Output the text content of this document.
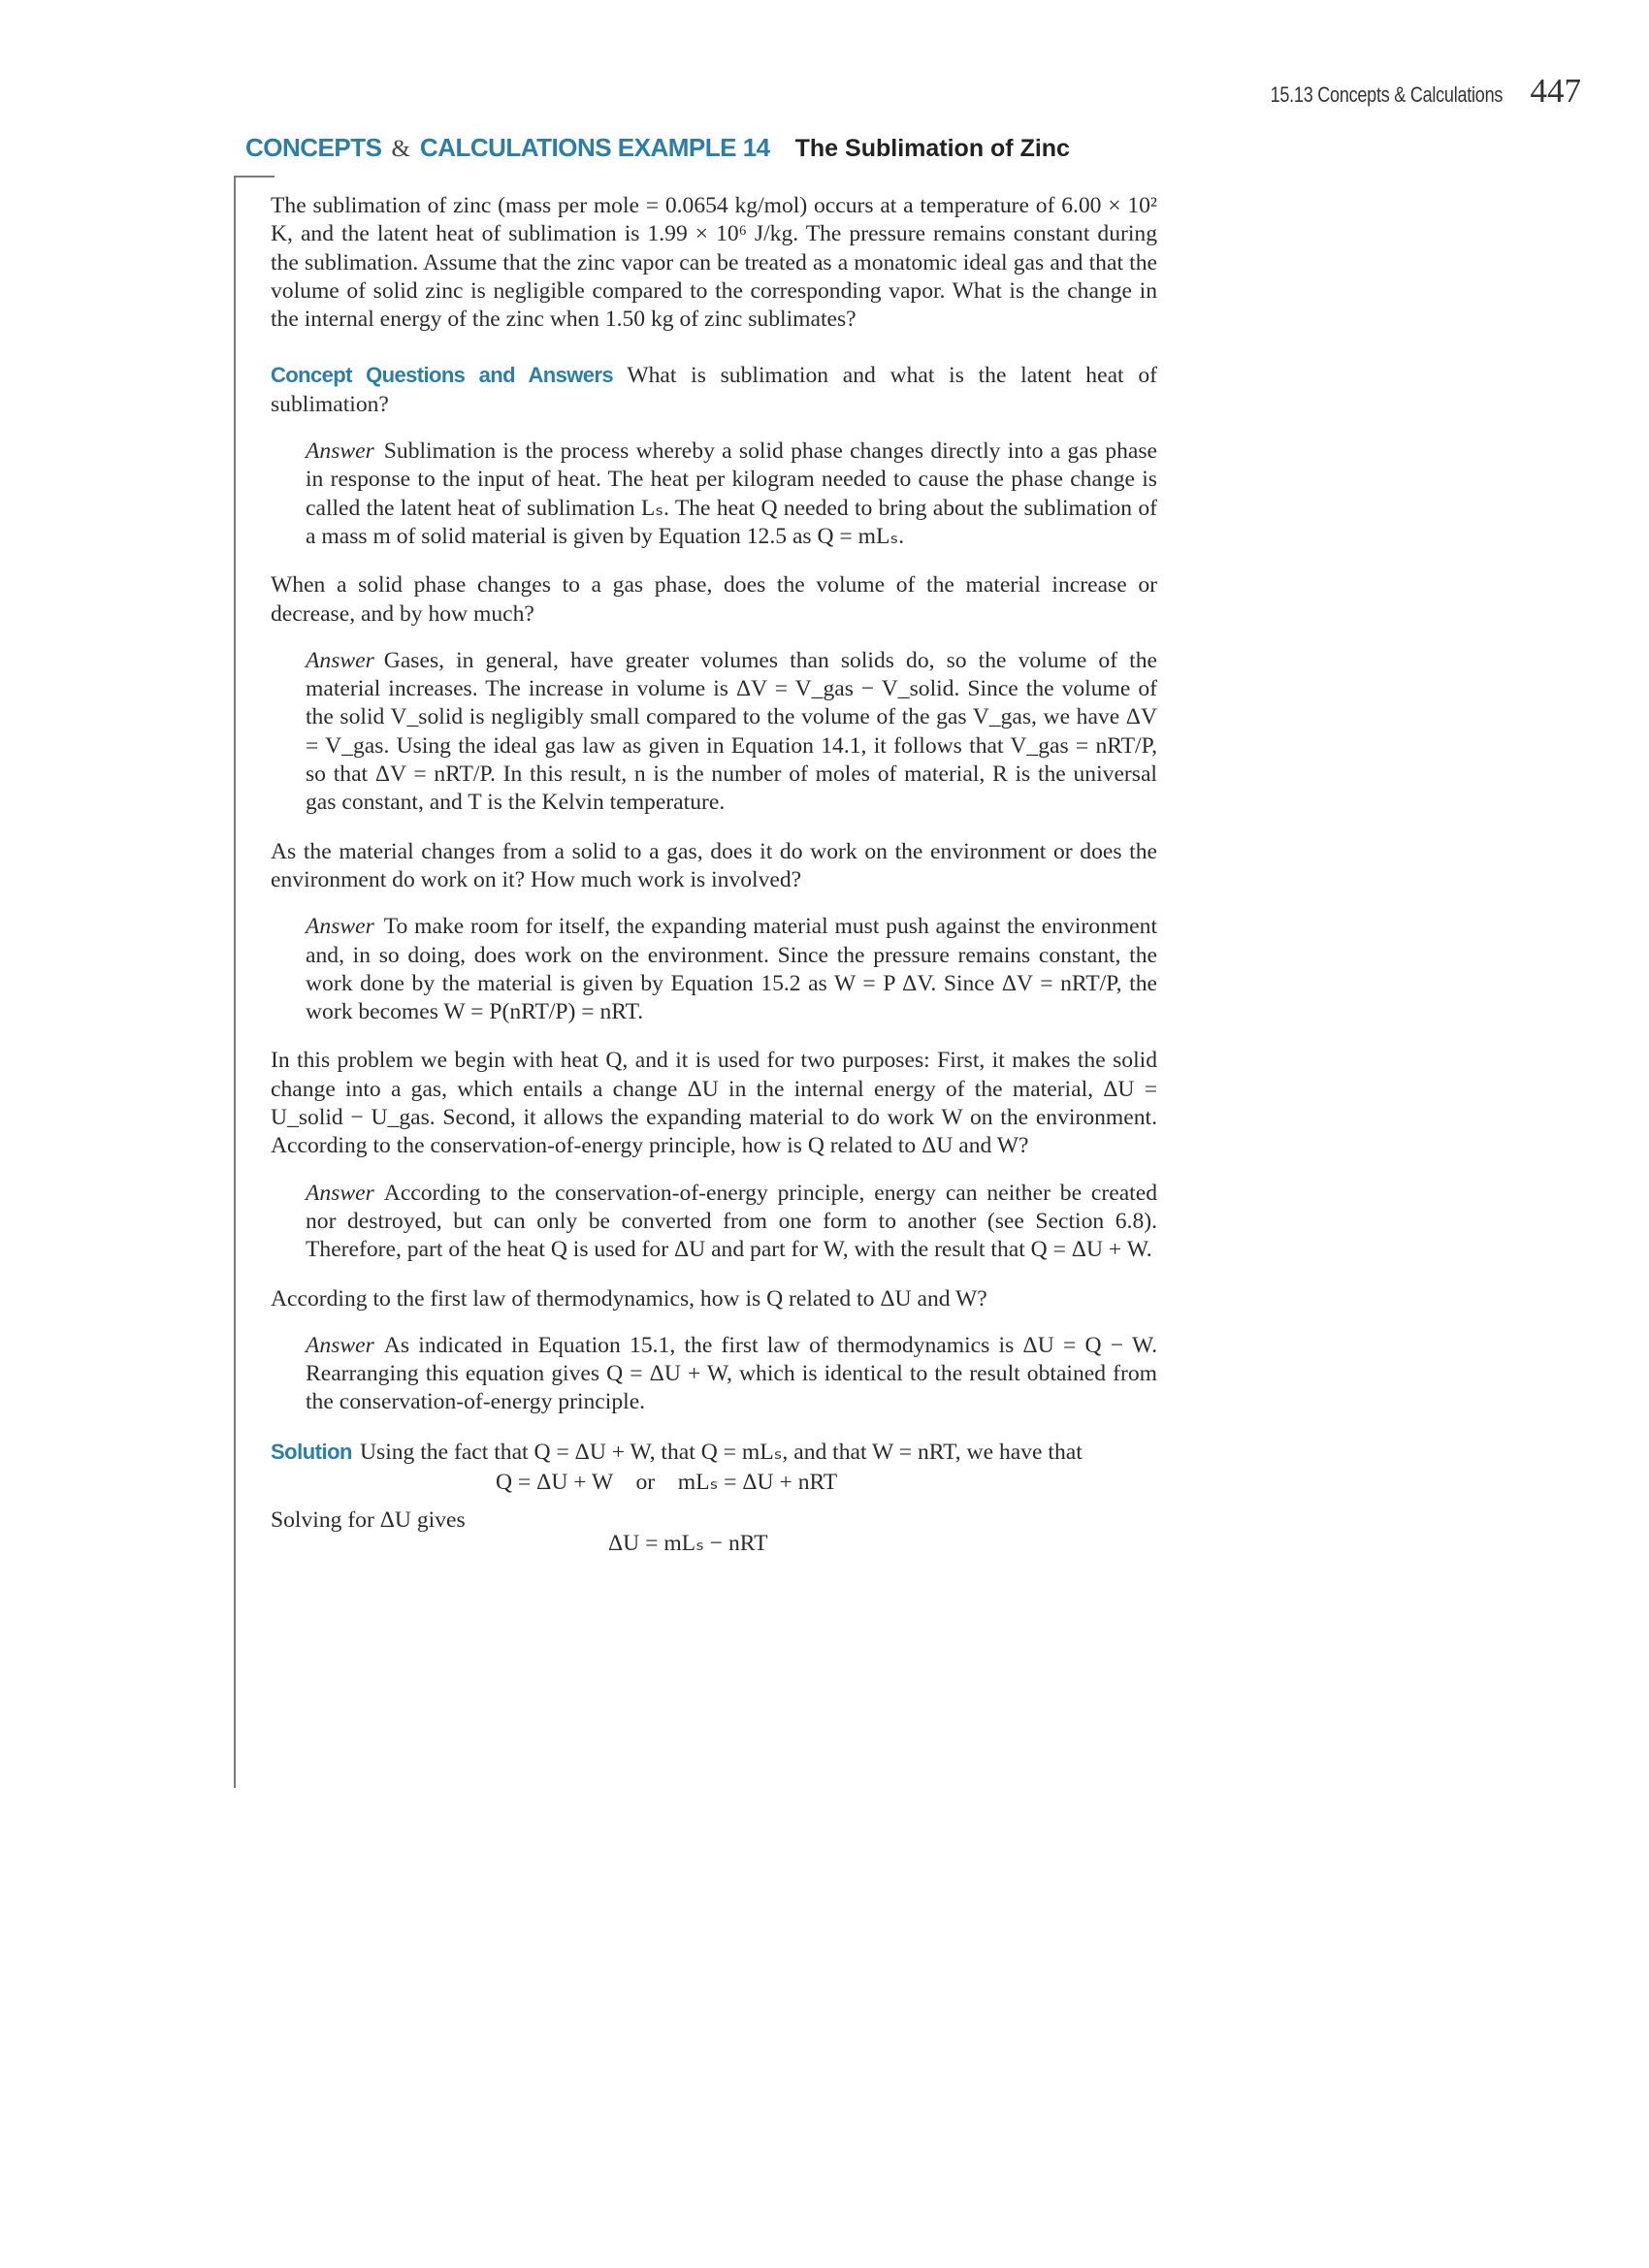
15.13 Concepts & Calculations 447
CONCEPTS & CALCULATIONS EXAMPLE 14 The Sublimation of Zinc

The sublimation of zinc (mass per mole = 0.0654 kg/mol) occurs at a temperature of 6.00 × 10² K, and the latent heat of sublimation is 1.99 × 10⁶ J/kg. The pressure remains constant during the sublimation. Assume that the zinc vapor can be treated as a monatomic ideal gas and that the volume of solid zinc is negligible compared to the corresponding vapor. What is the change in the internal energy of the zinc when 1.50 kg of zinc sublimates?

Concept Questions and Answers What is sublimation and what is the latent heat of sublimation?

Answer Sublimation is the process whereby a solid phase changes directly into a gas phase in response to the input of heat. The heat per kilogram needed to cause the phase change is called the latent heat of sublimation Lₛ. The heat Q needed to bring about the sublimation of a mass m of solid material is given by Equation 12.5 as Q = mLₛ.

When a solid phase changes to a gas phase, does the volume of the material increase or decrease, and by how much?

Answer Gases, in general, have greater volumes than solids do, so the volume of the material increases. The increase in volume is ΔV = V_gas − V_solid. Since the volume of the solid V_solid is negligibly small compared to the volume of the gas V_gas, we have ΔV = V_gas. Using the ideal gas law as given in Equation 14.1, it follows that V_gas = nRT/P, so that ΔV = nRT/P. In this result, n is the number of moles of material, R is the universal gas constant, and T is the Kelvin temperature.

As the material changes from a solid to a gas, does it do work on the environment or does the environment do work on it? How much work is involved?

Answer To make room for itself, the expanding material must push against the environment and, in so doing, does work on the environment. Since the pressure remains constant, the work done by the material is given by Equation 15.2 as W = P ΔV. Since ΔV = nRT/P, the work becomes W = P(nRT/P) = nRT.

In this problem we begin with heat Q, and it is used for two purposes: First, it makes the solid change into a gas, which entails a change ΔU in the internal energy of the material, ΔU = U_solid − U_gas. Second, it allows the expanding material to do work W on the environment. According to the conservation-of-energy principle, how is Q related to ΔU and W?

Answer According to the conservation-of-energy principle, energy can neither be created nor destroyed, but can only be converted from one form to another (see Section 6.8). Therefore, part of the heat Q is used for ΔU and part for W, with the result that Q = ΔU + W.

According to the first law of thermodynamics, how is Q related to ΔU and W?

Answer As indicated in Equation 15.1, the first law of thermodynamics is ΔU = Q − W. Rearranging this equation gives Q = ΔU + W, which is identical to the result obtained from the conservation-of-energy principle.

Solution Using the fact that Q = ΔU + W, that Q = mLₛ, and that W = nRT, we have that

Q = ΔU + W    or    mLₛ = ΔU + nRT

Solving for ΔU gives

ΔU = mLₛ − nRT
